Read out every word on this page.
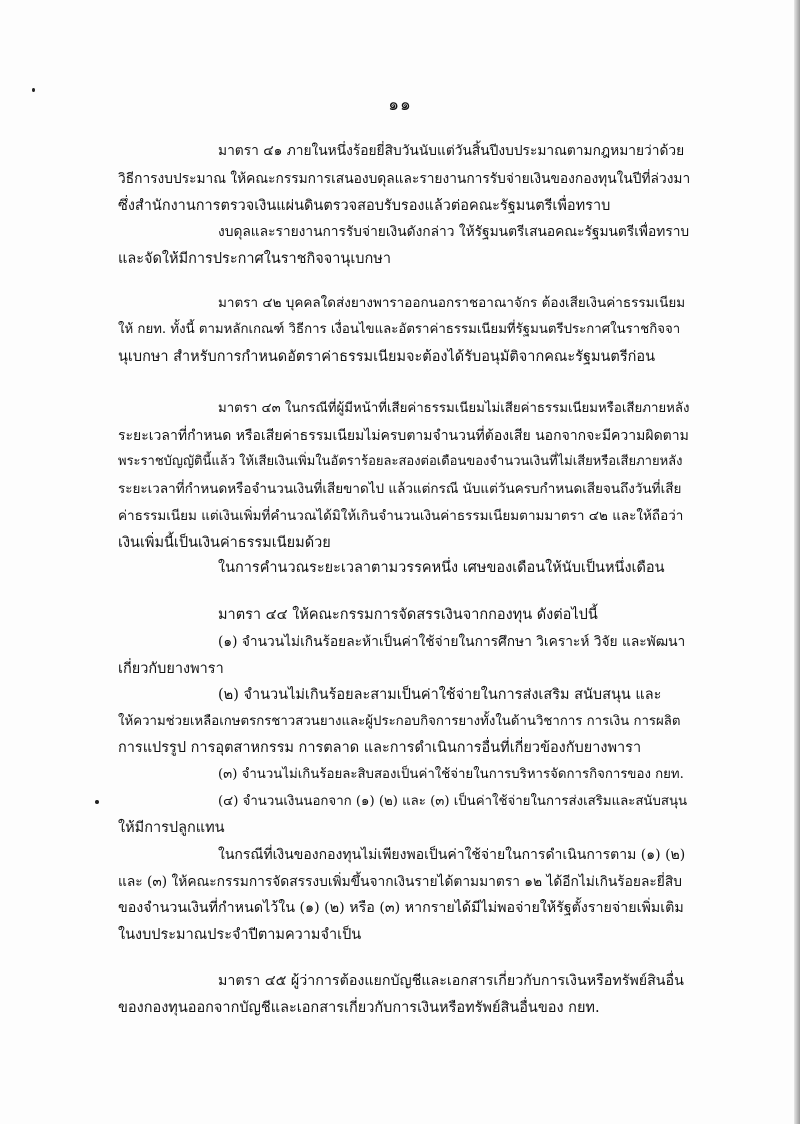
๑๑
มาตรา ๔๑ ภายในหนึ่งร้อยยี่สิบวันนับแต่วันสิ้นปีงบประมาณตามกฎหมายว่าด้วย
วิธีการงบประมาณ ให้คณะกรรมการเสนองบดุลและรายงานการรับจ่ายเงินของกองทุนในปีที่ล่วงมา
ซึ่งสำนักงานการตรวจเงินแผ่นดินตรวจสอบรับรองแล้วต่อคณะรัฐมนตรีเพื่อทราบ
งบดุลและรายงานการรับจ่ายเงินดังกล่าว ให้รัฐมนตรีเสนอคณะรัฐมนตรีเพื่อทราบ
และจัดให้มีการประกาศในราชกิจจานุเบกษา
มาตรา ๔๒ บุคคลใดส่งยางพาราออกนอกราชอาณาจักร ต้องเสียเงินค่าธรรมเนียม
ให้ กยท. ทั้งนี้ ตามหลักเกณฑ์ วิธีการ เงื่อนไขและอัตราค่าธรรมเนียมที่รัฐมนตรีประกาศในราชกิจจา
นุเบกษา สำหรับการกำหนดอัตราค่าธรรมเนียมจะต้องได้รับอนุมัติจากคณะรัฐมนตรีก่อน
มาตรา ๔๓ ในกรณีที่ผู้มีหน้าที่เสียค่าธรรมเนียมไม่เสียค่าธรรมเนียมหรือเสียภายหลัง
ระยะเวลาที่กำหนด หรือเสียค่าธรรมเนียมไม่ครบตามจำนวนที่ต้องเสีย นอกจากจะมีความผิดตาม
พระราชบัญญัตินี้แล้ว ให้เสียเงินเพิ่มในอัตราร้อยละสองต่อเดือนของจำนวนเงินที่ไม่เสียหรือเสียภายหลัง
ระยะเวลาที่กำหนดหรือจำนวนเงินที่เสียขาดไป แล้วแต่กรณี นับแต่วันครบกำหนดเสียจนถึงวันที่เสีย
ค่าธรรมเนียม แต่เงินเพิ่มที่คำนวณได้มิให้เกินจำนวนเงินค่าธรรมเนียมตามมาตรา ๔๒ และให้ถือว่า
เงินเพิ่มนี้เป็นเงินค่าธรรมเนียมด้วย
ในการคำนวณระยะเวลาตามวรรคหนึ่ง เศษของเดือนให้นับเป็นหนึ่งเดือน
มาตรา ๔๔ ให้คณะกรรมการจัดสรรเงินจากกองทุน ดังต่อไปนี้
(๑) จำนวนไม่เกินร้อยละห้าเป็นค่าใช้จ่ายในการศึกษา วิเคราะห์ วิจัย และพัฒนา
เกี่ยวกับยางพารา
(๒) จำนวนไม่เกินร้อยละสามเป็นค่าใช้จ่ายในการส่งเสริม สนับสนุน และ
ให้ความช่วยเหลือเกษตรกรชาวสวนยางและผู้ประกอบกิจการยางทั้งในด้านวิชาการ การเงิน การผลิต
การแปรรูป การอุตสาหกรรม การตลาด และการดำเนินการอื่นที่เกี่ยวข้องกับยางพารา
(๓) จำนวนไม่เกินร้อยละสิบสองเป็นค่าใช้จ่ายในการบริหารจัดการกิจการของ กยท.
(๔) จำนวนเงินนอกจาก (๑) (๒) และ (๓) เป็นค่าใช้จ่ายในการส่งเสริมและสนับสนุน
ให้มีการปลูกแทน
ในกรณีที่เงินของกองทุนไม่เพียงพอเป็นค่าใช้จ่ายในการดำเนินการตาม (๑) (๒)
และ (๓) ให้คณะกรรมการจัดสรรงบเพิ่มขึ้นจากเงินรายได้ตามมาตรา ๑๒ ได้อีกไม่เกินร้อยละยี่สิบ
ของจำนวนเงินที่กำหนดไว้ใน (๑) (๒) หรือ (๓) หากรายได้มีไม่พอจ่ายให้รัฐตั้งรายจ่ายเพิ่มเติม
ในงบประมาณประจำปีตามความจำเป็น
มาตรา ๔๕ ผู้ว่าการต้องแยกบัญชีและเอกสารเกี่ยวกับการเงินหรือทรัพย์สินอื่น
ของกองทุนออกจากบัญชีและเอกสารเกี่ยวกับการเงินหรือทรัพย์สินอื่นของ กยท.
